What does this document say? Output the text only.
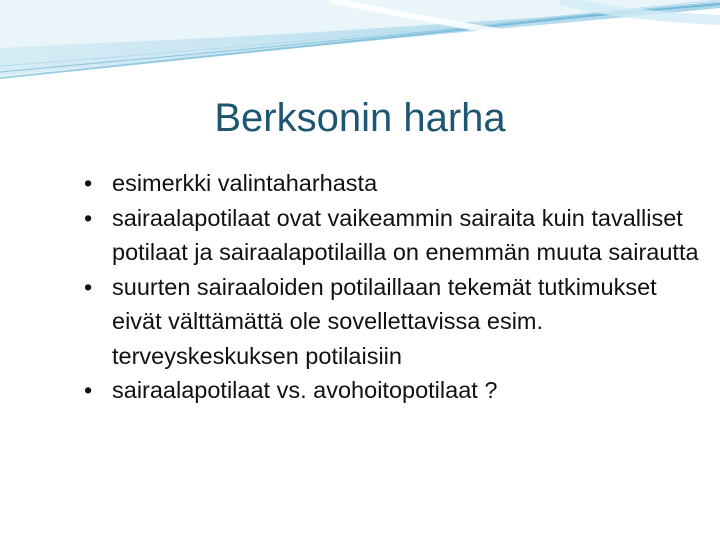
Berksonin harha
• esimerkki valintaharhasta
• sairaalapotilaat ovat vaikeammin sairaita kuin tavalliset potilaat ja sairaalapotilailla on enemmän muuta sairautta
• suurten sairaaloiden potilaillaan tekemät tutkimukset eivät välttämättä ole sovellettavissa esim. terveyskeskuksen potilaisiin
• sairaalapotilaat vs. avohoitopotilaat ?
